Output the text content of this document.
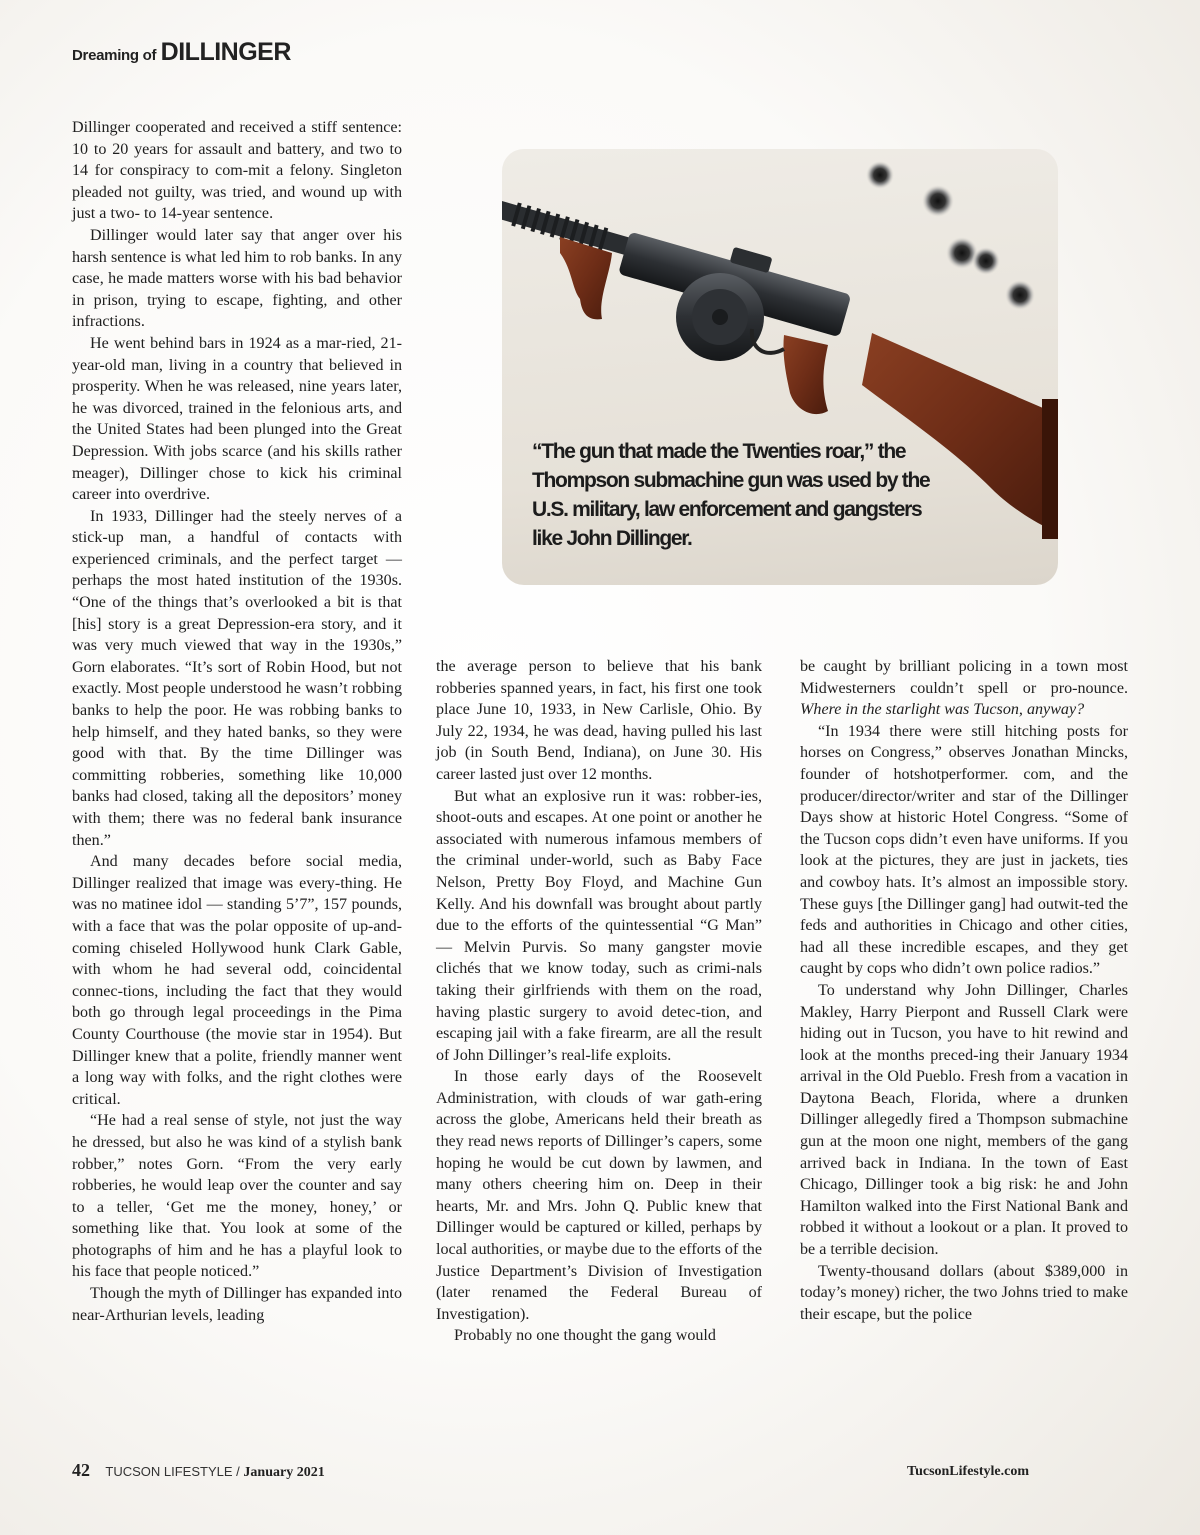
Dreaming of DILLINGER

Dillinger cooperated and received a stiff sentence: 10 to 20 years for assault and battery, and two to 14 for conspiracy to com-mit a felony. Singleton pleaded not guilty, was tried, and wound up with just a two- to 14-year sentence.

Dillinger would later say that anger over his harsh sentence is what led him to rob banks. In any case, he made matters worse with his bad behavior in prison, trying to escape, fighting, and other infractions.

He went behind bars in 1924 as a mar-ried, 21-year-old man, living in a country that believed in prosperity. When he was released, nine years later, he was divorced, trained in the felonious arts, and the United States had been plunged into the Great Depression. With jobs scarce (and his skills rather meager), Dillinger chose to kick his criminal career into overdrive.

In 1933, Dillinger had the steely nerves of a stick-up man, a handful of contacts with experienced criminals, and the perfect target — perhaps the most hated institution of the 1930s. “One of the things that’s overlooked a bit is that [his] story is a great Depression-era story, and it was very much viewed that way in the 1930s,” Gorn elaborates. “It’s sort of Robin Hood, but not exactly. Most people understood he wasn’t robbing banks to help the poor. He was robbing banks to help himself, and they hated banks, so they were good with that. By the time Dillinger was committing robberies, something like 10,000 banks had closed, taking all the depositors’ money with them; there was no federal bank insurance then.”

And many decades before social media, Dillinger realized that image was every-thing. He was no matinee idol — standing 5’7”, 157 pounds, with a face that was the polar opposite of up-and-coming chiseled Hollywood hunk Clark Gable, with whom he had several odd, coincidental connec-tions, including the fact that they would both go through legal proceedings in the Pima County Courthouse (the movie star in 1954). But Dillinger knew that a polite, friendly manner went a long way with folks, and the right clothes were critical.

“He had a real sense of style, not just the way he dressed, but also he was kind of a stylish bank robber,” notes Gorn. “From the very early robberies, he would leap over the counter and say to a teller, ‘Get me the money, honey,’ or something like that. You look at some of the photographs of him and he has a playful look to his face that people noticed.”

Though the myth of Dillinger has expanded into near-Arthurian levels, leading

“The gun that made the Twenties roar,” the Thompson submachine gun was used by the U.S. military, law enforcement and gangsters like John Dillinger.

the average person to believe that his bank robberies spanned years, in fact, his first one took place June 10, 1933, in New Carlisle, Ohio. By July 22, 1934, he was dead, having pulled his last job (in South Bend, Indiana), on June 30. His career lasted just over 12 months.

But what an explosive run it was: robber-ies, shoot-outs and escapes. At one point or another he associated with numerous infamous members of the criminal under-world, such as Baby Face Nelson, Pretty Boy Floyd, and Machine Gun Kelly. And his downfall was brought about partly due to the efforts of the quintessential “G Man” — Melvin Purvis. So many gangster movie clichés that we know today, such as crimi-nals taking their girlfriends with them on the road, having plastic surgery to avoid detec-tion, and escaping jail with a fake firearm, are all the result of John Dillinger’s real-life exploits.

In those early days of the Roosevelt Administration, with clouds of war gath-ering across the globe, Americans held their breath as they read news reports of Dillinger’s capers, some hoping he would be cut down by lawmen, and many others cheering him on. Deep in their hearts, Mr. and Mrs. John Q. Public knew that Dillinger would be captured or killed, perhaps by local authorities, or maybe due to the efforts of the Justice Department’s Division of Investigation (later renamed the Federal Bureau of Investigation).

Probably no one thought the gang would

be caught by brilliant policing in a town most Midwesterners couldn’t spell or pro-nounce. Where in the starlight was Tucson, anyway?

“In 1934 there were still hitching posts for horses on Congress,” observes Jonathan Mincks, founder of hotshotperformer. com, and the producer/director/writer and star of the Dillinger Days show at historic Hotel Congress. “Some of the Tucson cops didn’t even have uniforms. If you look at the pictures, they are just in jackets, ties and cowboy hats. It’s almost an impossible story. These guys [the Dillinger gang] had outwit-ted the feds and authorities in Chicago and other cities, had all these incredible escapes, and they get caught by cops who didn’t own police radios.”

To understand why John Dillinger, Charles Makley, Harry Pierpont and Russell Clark were hiding out in Tucson, you have to hit rewind and look at the months preced-ing their January 1934 arrival in the Old Pueblo. Fresh from a vacation in Daytona Beach, Florida, where a drunken Dillinger allegedly fired a Thompson submachine gun at the moon one night, members of the gang arrived back in Indiana. In the town of East Chicago, Dillinger took a big risk: he and John Hamilton walked into the First National Bank and robbed it without a lookout or a plan. It proved to be a terrible decision.

Twenty-thousand dollars (about $389,000 in today’s money) richer, the two Johns tried to make their escape, but the police

42 TUCSON LIFESTYLE / January 2021	TucsonLifestyle.com
